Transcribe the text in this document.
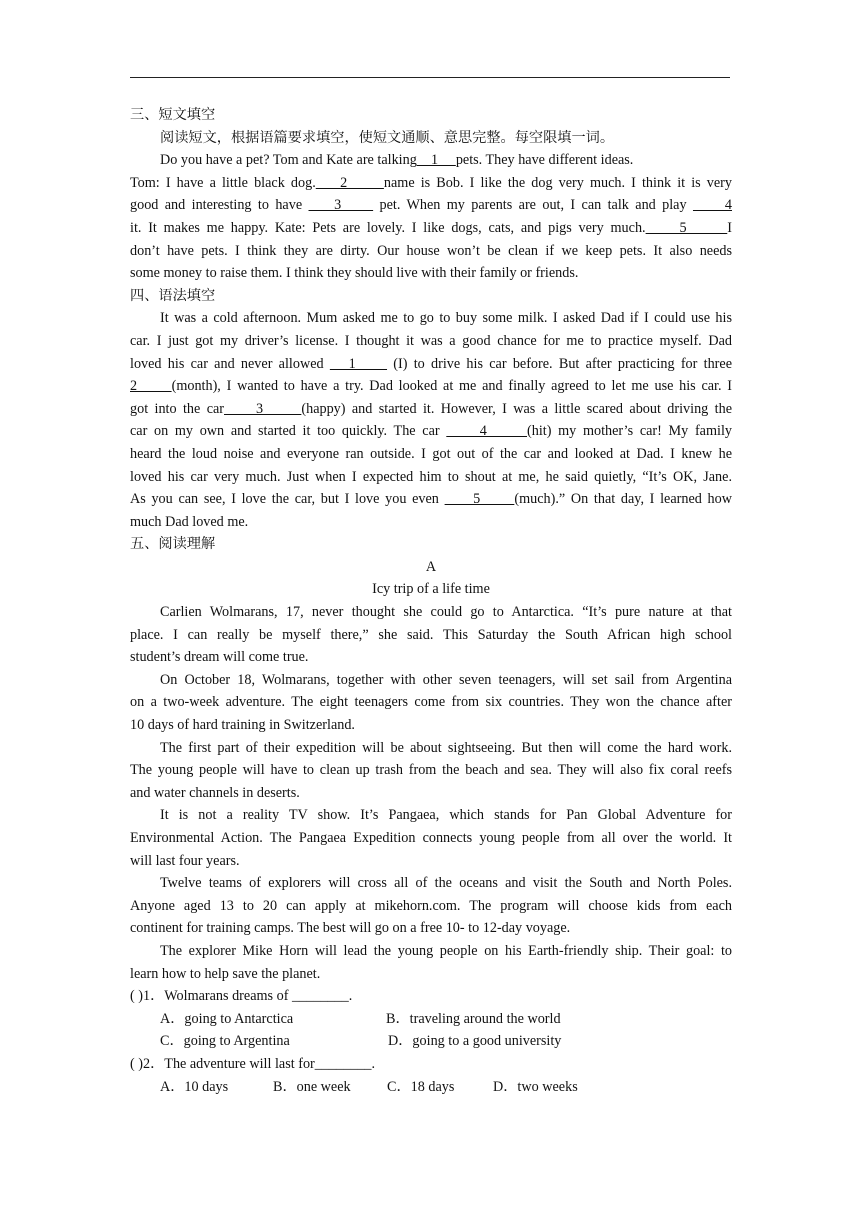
三、短文填空
阅读短文，根据语篇要求填空，使短文通顺、意思完整。每空限填一词。
Do you have a pet? Tom and Kate are talking    1     pets. They have different ideas.
Tom: I have a little black dog.    2      name is Bob. I like the dog very much. I think it is very
good and interesting to have     3      pet. When my parents are out, I can talk and play      4
it. It makes me happy. Kate: Pets are lovely. I like dogs, cats, and pigs very much.     5      I
don’t have pets. I think they are dirty. Our house won’t be clean if we keep pets. It also needs
some money to raise them. I think they should live with their family or friends.
四、语法填空
It was a cold afternoon. Mum asked me to go to buy some milk. I asked Dad if I could use his
car. I just got my driver’s license. I thought it was a good chance for me to practice myself. Dad
loved his car and never allowed    1      (I) to drive his car before. But after practicing for three
2      (month), I wanted to have a try. Dad looked at me and finally agreed to let me use his car. I
got into the car     3      (happy) and started it. However, I was a little scared about driving the
car on my own and started it too quickly. The car      4      (hit) my mother’s car! My family
heard the loud noise and everyone ran outside. I got out of the car and looked at Dad. I knew he
loved his car very much. Just when I expected him to shout at me, he said quietly, “It’s OK, Jane.
As you can see, I love the car, but I love you even      5      (much).” On that day, I learned how
much Dad loved me.
五、阅读理解
A
Icy trip of a life time
Carlien Wolmarans, 17, never thought she could go to Antarctica. “It’s pure nature at that
place. I can really be myself there,” she said. This Saturday the South African high school
student’s dream will come true.
On October 18, Wolmarans, together with other seven teenagers, will set sail from Argentina
on a two-week adventure. The eight teenagers come from six countries. They won the chance after
10 days of hard training in Switzerland.
The first part of their expedition will be about sightseeing. But then will come the hard work.
The young people will have to clean up trash from the beach and sea. They will also fix coral reefs
and water channels in deserts.
It is not a reality TV show. It’s Pangaea, which stands for Pan Global Adventure for
Environmental Action. The Pangaea Expedition connects young people from all over the world. It
will last four years.
Twelve teams of explorers will cross all of the oceans and visit the South and North Poles.
Anyone aged 13 to 20 can apply at mikehorn.com. The program will choose kids from each
continent for training camps. The best will go on a free 10- to 12-day voyage.
The explorer Mike Horn will lead the young people on his Earth-friendly ship. Their goal: to
learn how to help save the planet.
( )1．Wolmarans dreams of ________.
A．going to Antarctica	B．traveling around the world
C．going to Argentina	D．going to a good university
( )2．The adventure will last for________.
A．10 days	B．one week	C．18 days	D．two weeks
